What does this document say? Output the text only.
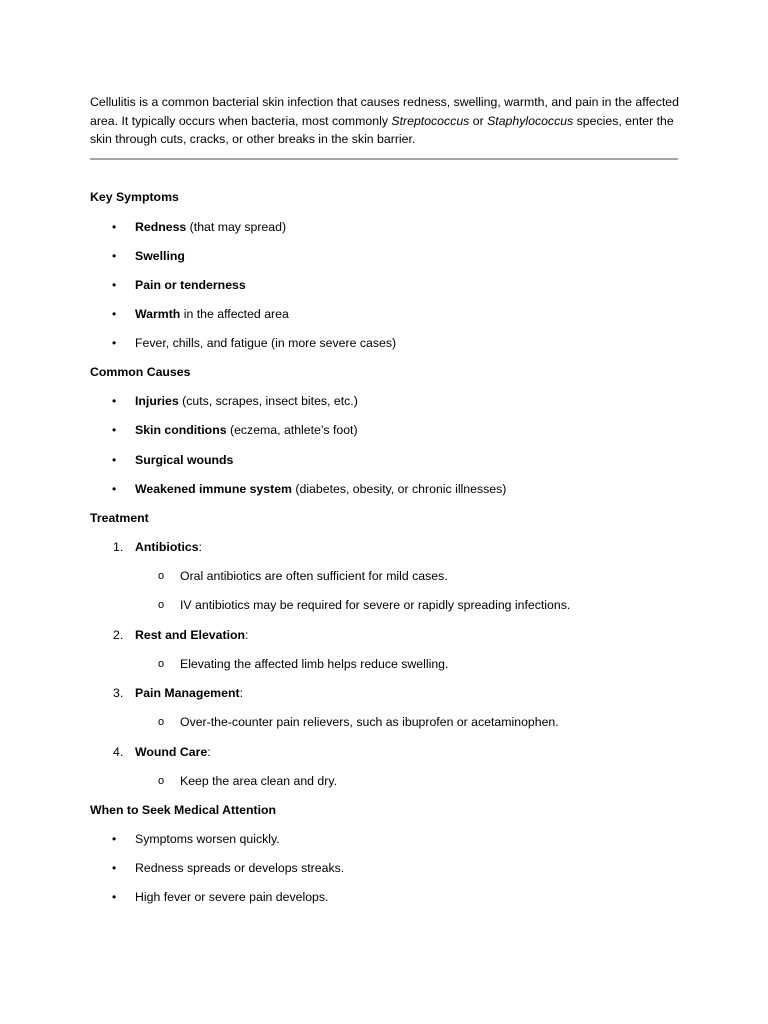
Cellulitis is a common bacterial skin infection that causes redness, swelling, warmth, and pain in the affected area. It typically occurs when bacteria, most commonly Streptococcus or Staphylococcus species, enter the skin through cuts, cracks, or other breaks in the skin barrier.

Key Symptoms

• Redness (that may spread)
• Swelling
• Pain or tenderness
• Warmth in the affected area
• Fever, chills, and fatigue (in more severe cases)

Common Causes

• Injuries (cuts, scrapes, insect bites, etc.)
• Skin conditions (eczema, athlete’s foot)
• Surgical wounds
• Weakened immune system (diabetes, obesity, or chronic illnesses)

Treatment

1. Antibiotics:
o Oral antibiotics are often sufficient for mild cases.
o IV antibiotics may be required for severe or rapidly spreading infections.
2. Rest and Elevation:
o Elevating the affected limb helps reduce swelling.
3. Pain Management:
o Over-the-counter pain relievers, such as ibuprofen or acetaminophen.
4. Wound Care:
o Keep the area clean and dry.

When to Seek Medical Attention

• Symptoms worsen quickly.
• Redness spreads or develops streaks.
• High fever or severe pain develops.
